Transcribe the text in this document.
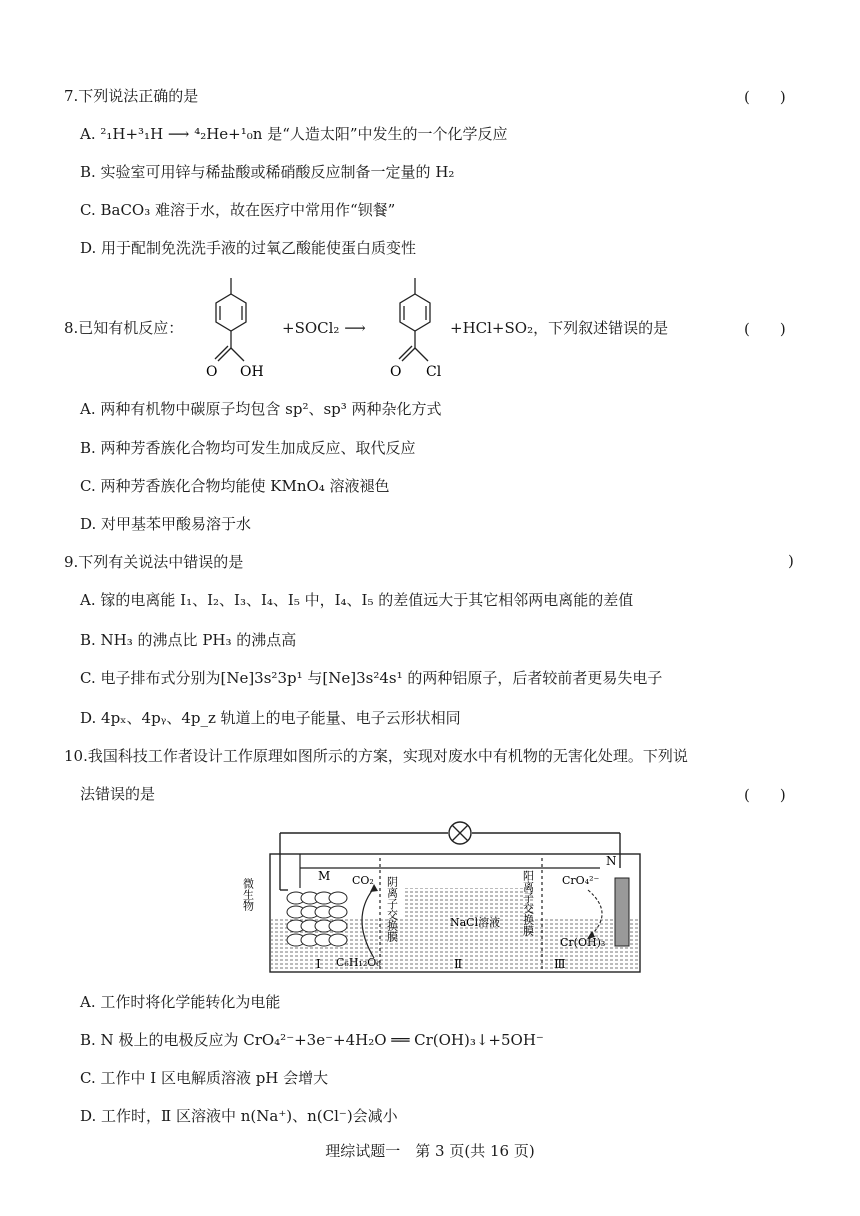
7.下列说法正确的是	(　　)
A. ²₁H+³₁H ⟶ ⁴₂He+¹₀n 是“人造太阳”中发生的一个化学反应
B. 实验室可用锌与稀盐酸或稀硝酸反应制备一定量的 H₂
C. BaCO₃ 难溶于水，故在医疗中常用作“钡餐”
D. 用于配制免洗洗手液的过氧乙酸能使蛋白质变性
8.已知有机反应：
O OH
+SOCl₂ ⟶
O Cl
+HCl+SO₂，下列叙述错误的是	(　　)
A. 两种有机物中碳原子均包含 sp²、sp³ 两种杂化方式
B. 两种芳香族化合物均可发生加成反应、取代反应
C. 两种芳香族化合物均能使 KMnO₄ 溶液褪色
D. 对甲基苯甲酸易溶于水
9.下列有关说法中错误的是	)
A. 镓的电离能 I₁、I₂、I₃、I₄、I₅ 中，I₄、I₅ 的差值远大于其它相邻两电离能的差值
B. NH₃ 的沸点比 PH₃ 的沸点高
C. 电子排布式分别为[Ne]3s²3p¹ 与[Ne]3s²4s¹ 的两种铝原子，后者较前者更易失电子
D. 4pₓ、4pᵧ、4p_z 轨道上的电子能量、电子云形状相同
10.我国科技工作者设计工作原理如图所示的方案，实现对废水中有机物的无害化处理。下列说
法错误的是	(　　)
微生物
M
N
CO₂
C₆H₁₂O₆
阴离子交换膜	阳离子交换膜
NaCl溶液
CrO₄²⁻
Cr(OH)₃
Ⅰ	Ⅱ	Ⅲ
A. 工作时将化学能转化为电能
B. N 极上的电极反应为 CrO₄²⁻+3e⁻+4H₂O ══ Cr(OH)₃↓+5OH⁻
C. 工作中 Ⅰ 区电解质溶液 pH 会增大
D. 工作时，Ⅱ 区溶液中 n(Na⁺)、n(Cl⁻)会减小
理综试题一　第 3 页(共 16 页)
